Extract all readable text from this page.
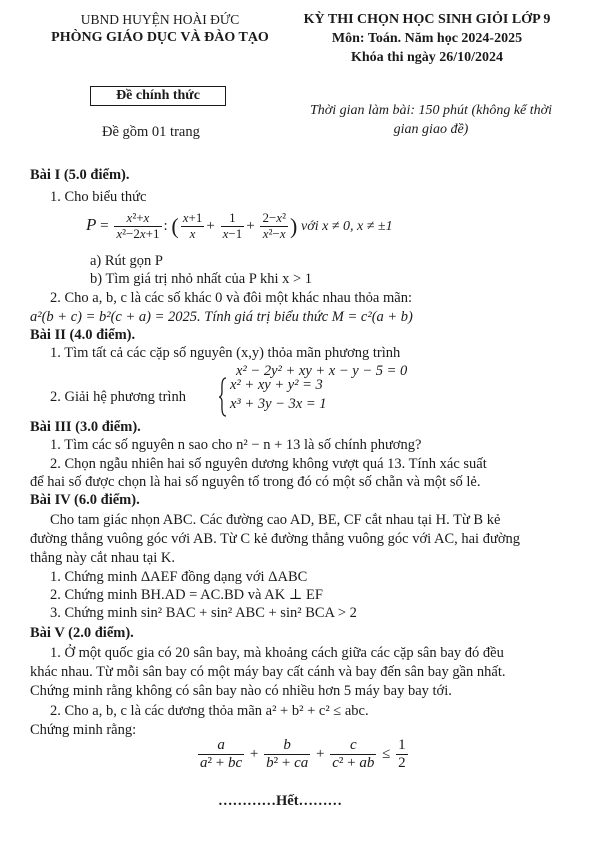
UBND HUYỆN HOÀI ĐỨC
PHÒNG GIÁO DỤC VÀ ĐÀO TẠO
Đề chính thức
Đề gồm 01 trang
KỲ THI CHỌN HỌC SINH GIỎI LỚP 9
Môn: Toán. Năm học 2024-2025
Khóa thi ngày 26/10/2024
Thời gian làm bài: 150 phút (không kể thời
gian giao đề)
Bài I (5.0 điểm).
1. Cho biểu thức
$P = \frac{\text{x²+x}}{\text{x²−2x+1}}$ : ( $\frac{x+1}{x} + \frac{1}{x-1} + \frac{\text{2−x²}}{\text{x²−x}}$ ) với x ≠ 0, x ≠ ±1
a) Rút gọn P
b) Tìm giá trị nhỏ nhất của P khi x > 1
2. Cho a, b, c là các số khác 0 và đôi một khác nhau thỏa mãn:
a²(b + c) = b²(c + a) = 2025. Tính giá trị biểu thức M = c²(a + b)
Bài II (4.0 điểm).
1. Tìm tất cả các cặp số nguyên (x,y) thỏa mãn phương trình
x² − 2y² + xy + x − y − 5 = 0
2. Giải hệ phương trình
x² + xy + y² = 3
x³ + 3y − 3x = 1
Bài III (3.0 điểm).
1. Tìm các số nguyên n sao cho n² − n + 13 là số chính phương?
2. Chọn ngẫu nhiên hai số nguyên dương không vượt quá 13. Tính xác suất
để hai số được chọn là hai số nguyên tố trong đó có một số chẵn và một số lẻ.
Bài IV (6.0 điểm).
Cho tam giác nhọn ABC. Các đường cao AD, BE, CF cắt nhau tại H. Từ B kẻ
đường thẳng vuông góc với AB. Từ C kẻ đường thẳng vuông góc với AC, hai đường
thẳng này cắt nhau tại K.
1. Chứng minh ΔAEF đồng dạng với ΔABC
2. Chứng minh BH.AD = AC.BD và AK ⊥ EF
3. Chứng minh sin² BAC + sin² ABC + sin² BCA > 2
Bài V (2.0 điểm).
1. Ở một quốc gia có 20 sân bay, mà khoảng cách giữa các cặp sân bay đó đều
khác nhau. Từ mỗi sân bay có một máy bay cất cánh và bay đến sân bay gần nhất.
Chứng minh rằng không có sân bay nào có nhiều hơn 5 máy bay bay tới.
2. Cho a, b, c là các dương thỏa mãn a² + b² + c² ≤ abc.
Chứng minh rằng:
$\frac{a}{\text{a² + bc}} + \frac{b}{\text{b² + ca}} + \frac{c}{\text{c² + ab}} \le \frac{1}{2}$
…………Hết………
